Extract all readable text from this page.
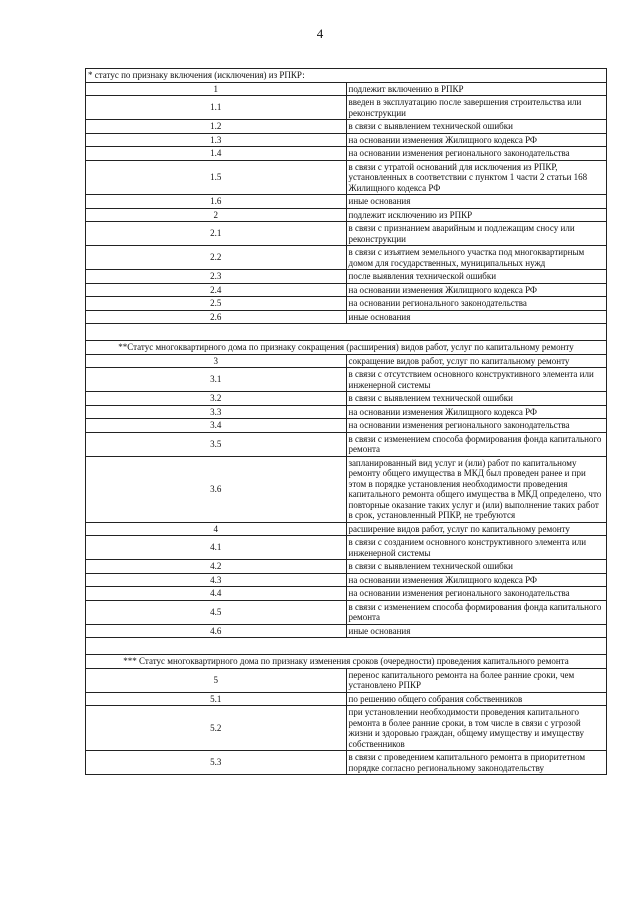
4
* статус по признаку включения (исключения) из РПКР:	
1	подлежит включению в РПКР
1.1	введен в эксплуатацию после завершения строительства или реконструкции
1.2	в связи с выявлением технической ошибки
1.3	на основании изменения Жилищного кодекса РФ
1.4	на основании изменения регионального законодательства
1.5	в связи с утратой оснований для исключения из РПКР, установленных в соответствии с пунктом 1 части 2 статьи 168 Жилищного кодекса РФ
1.6	иные основания
2	подлежит исключению из РПКР
2.1	в связи с признанием аварийным и подлежащим сносу или реконструкции
2.2	в связи с изъятием земельного участка под многоквартирным домом для государственных, муниципальных нужд
2.3	после выявления технической ошибки
2.4	на основании изменения Жилищного кодекса РФ
2.5	на основании регионального законодательства
2.6	иные основания

**Статус многоквартирного дома по признаку сокращения (расширения) видов работ, услуг по капитальному ремонту	
3	сокращение видов работ, услуг по капитальному ремонту
3.1	в связи с отсутствием основного конструктивного элемента или инженерной системы
3.2	в связи с выявлением технической ошибки
3.3	на основании изменения Жилищного кодекса РФ
3.4	на основании изменения регионального законодательства
3.5	в связи с изменением способа формирования фонда капитального ремонта
3.6	запланированный вид услуг и (или) работ по капитальному ремонту общего имущества в МКД был проведен ранее и при этом в порядке установления необходимости проведения капитального ремонта общего имущества в МКД определено, что повторные оказание таких услуг и (или) выполнение таких работ в срок, установленный РПКР, не требуются
4	расширение видов работ, услуг по капитальному ремонту
4.1	в связи с созданием основного конструктивного элемента или инженерной системы
4.2	в связи с выявлением технической ошибки
4.3	на основании изменения Жилищного кодекса РФ
4.4	на основании изменения регионального законодательства
4.5	в связи с изменением способа формирования фонда капитального ремонта
4.6	иные основания

*** Статус многоквартирного дома по признаку изменения сроков (очередности) проведения капитального ремонта	
5	перенос капитального ремонта на более ранние сроки, чем установлено РПКР
5.1	по решению общего собрания собственников
5.2	при установлении необходимости проведения капитального ремонта в более ранние сроки, в том числе в связи с угрозой жизни и здоровью граждан, общему имуществу и имуществу собственников
5.3	в связи с проведением капитального ремонта в приоритетном порядке согласно региональному законодательству
